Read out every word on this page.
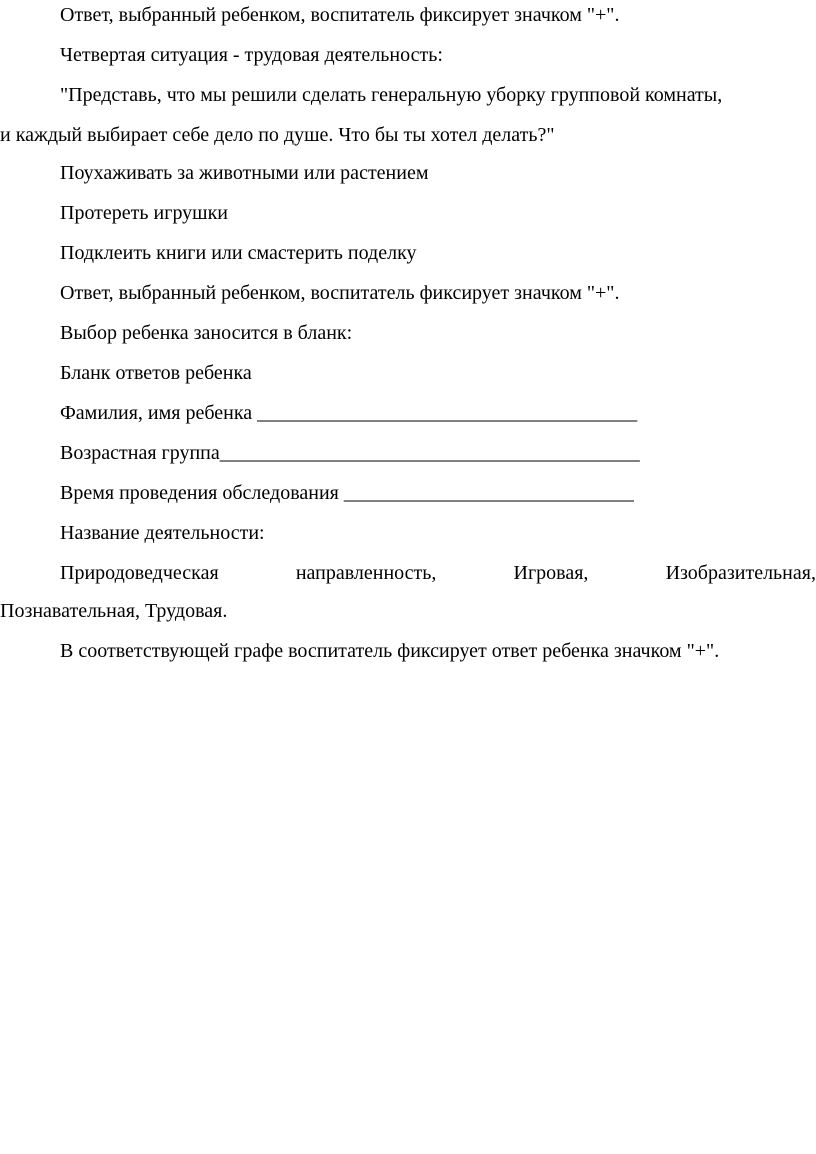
Ответ, выбранный ребенком, воспитатель фиксирует значком "+".
Четвертая ситуация - трудовая деятельность:
"Представь, что мы решили сделать генеральную уборку групповой комнаты,
и каждый выбирает себе дело по душе. Что бы ты хотел делать?"
Поухаживать за животными или растением
Протереть игрушки
Подклеить книги или смастерить поделку
Ответ, выбранный ребенком, воспитатель фиксирует значком "+".
Выбор ребенка заносится в бланк:
Бланк ответов ребенка
Фамилия, имя ребенка ______________________________________
Возрастная группа__________________________________________
Время проведения обследования _____________________________
Название деятельности:
Природоведческая	направленность,	Игровая,	Изобразительная,
Познавательная, Трудовая.
В соответствующей графе воспитатель фиксирует ответ ребенка значком "+".
